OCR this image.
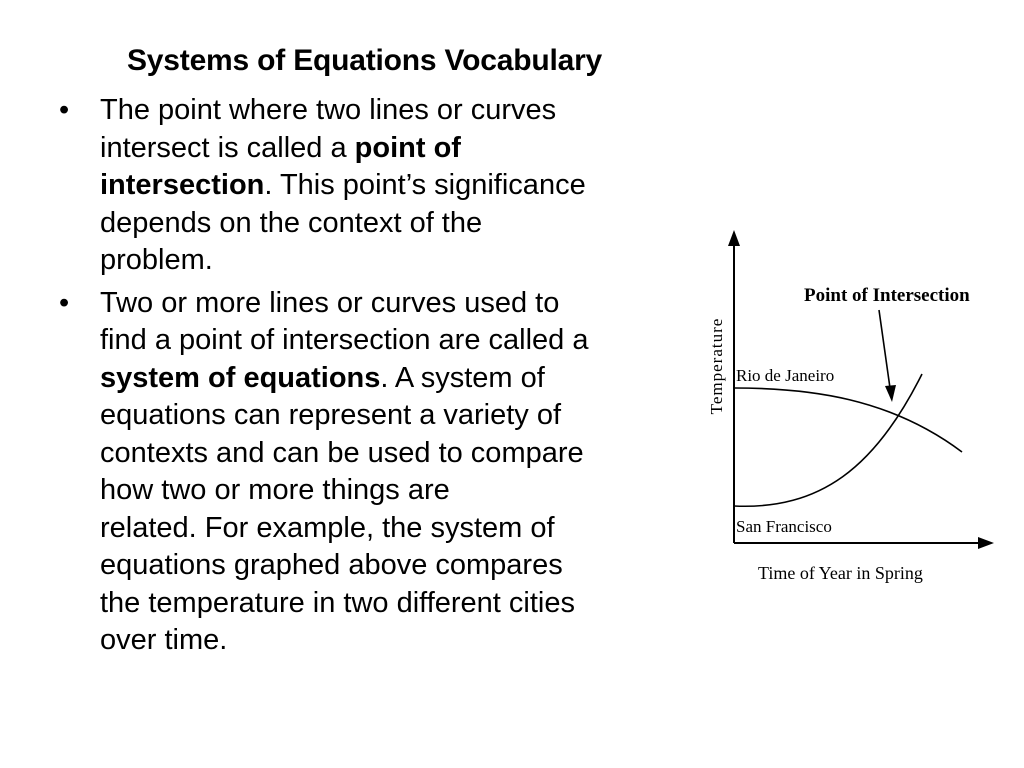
Systems of Equations Vocabulary
• The point where two lines or curves
intersect is called a point of
intersection. This point’s significance
depends on the context of the
problem.
• Two or more lines or curves used to
find a point of intersection are called a
system of equations. A system of
equations can represent a variety of
contexts and can be used to compare
how two or more things are
related. For example, the system of
equations graphed above compares
the temperature in two different cities
over time.
Temperature
Time of Year in Spring
Point of Intersection
Rio de Janeiro
San Francisco
